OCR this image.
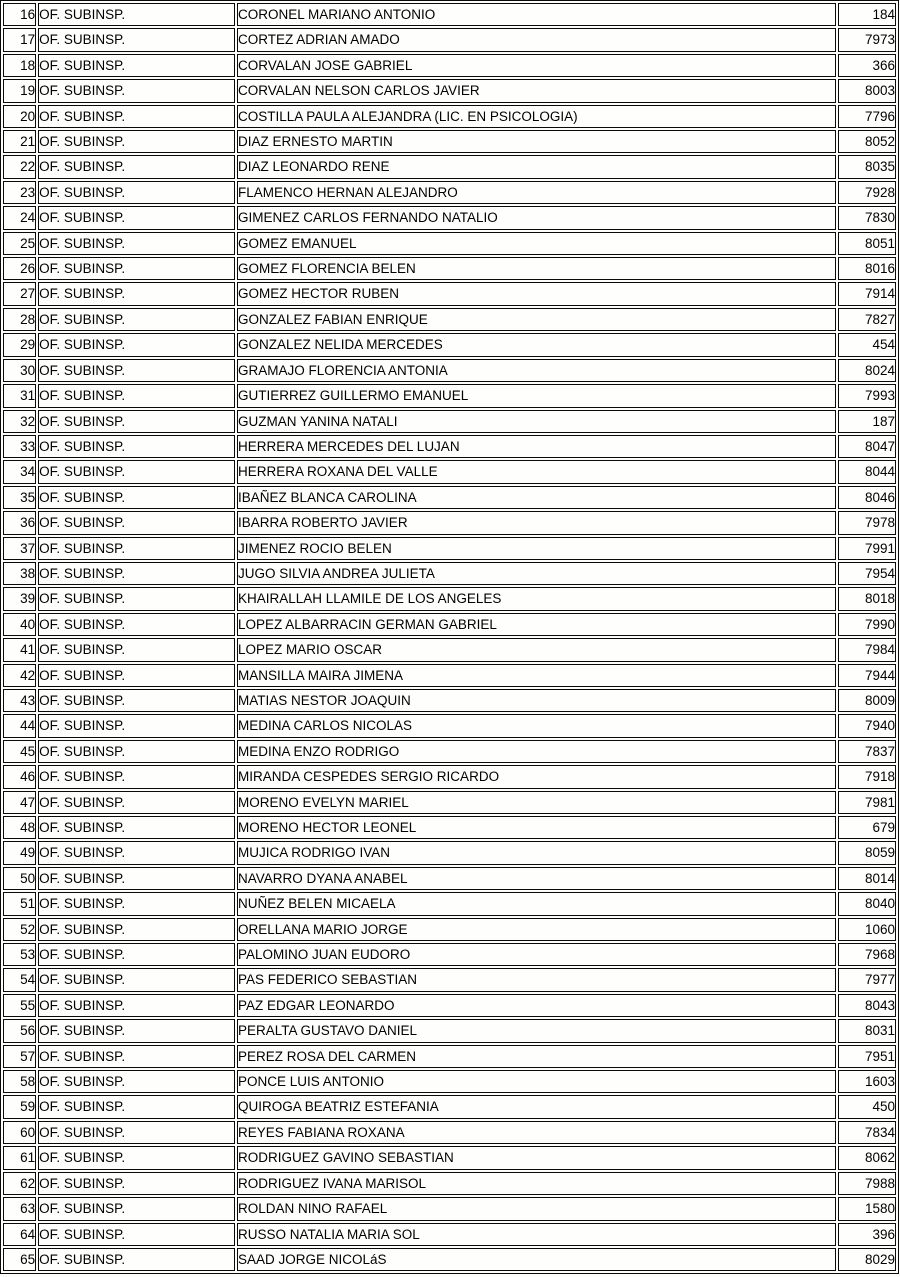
16	OF. SUBINSP.	CORONEL MARIANO ANTONIO	184
17	OF. SUBINSP.	CORTEZ ADRIAN AMADO	7973
18	OF. SUBINSP.	CORVALAN JOSE GABRIEL	366
19	OF. SUBINSP.	CORVALAN NELSON CARLOS JAVIER	8003
20	OF. SUBINSP.	COSTILLA PAULA ALEJANDRA (LIC. EN PSICOLOGIA)	7796
21	OF. SUBINSP.	DIAZ ERNESTO MARTIN	8052
22	OF. SUBINSP.	DIAZ LEONARDO RENE	8035
23	OF. SUBINSP.	FLAMENCO HERNAN ALEJANDRO	7928
24	OF. SUBINSP.	GIMENEZ CARLOS FERNANDO NATALIO	7830
25	OF. SUBINSP.	GOMEZ EMANUEL	8051
26	OF. SUBINSP.	GOMEZ FLORENCIA BELEN	8016
27	OF. SUBINSP.	GOMEZ HECTOR RUBEN	7914
28	OF. SUBINSP.	GONZALEZ FABIAN ENRIQUE	7827
29	OF. SUBINSP.	GONZALEZ NELIDA MERCEDES	454
30	OF. SUBINSP.	GRAMAJO FLORENCIA ANTONIA	8024
31	OF. SUBINSP.	GUTIERREZ GUILLERMO EMANUEL	7993
32	OF. SUBINSP.	GUZMAN YANINA NATALI	187
33	OF. SUBINSP.	HERRERA MERCEDES DEL LUJAN	8047
34	OF. SUBINSP.	HERRERA ROXANA DEL VALLE	8044
35	OF. SUBINSP.	IBAÑEZ BLANCA CAROLINA	8046
36	OF. SUBINSP.	IBARRA ROBERTO JAVIER	7978
37	OF. SUBINSP.	JIMENEZ ROCIO BELEN	7991
38	OF. SUBINSP.	JUGO SILVIA ANDREA JULIETA	7954
39	OF. SUBINSP.	KHAIRALLAH LLAMILE DE LOS ANGELES	8018
40	OF. SUBINSP.	LOPEZ ALBARRACIN GERMAN GABRIEL	7990
41	OF. SUBINSP.	LOPEZ MARIO OSCAR	7984
42	OF. SUBINSP.	MANSILLA MAIRA JIMENA	7944
43	OF. SUBINSP.	MATIAS NESTOR JOAQUIN	8009
44	OF. SUBINSP.	MEDINA CARLOS NICOLAS	7940
45	OF. SUBINSP.	MEDINA ENZO RODRIGO	7837
46	OF. SUBINSP.	MIRANDA CESPEDES SERGIO RICARDO	7918
47	OF. SUBINSP.	MORENO EVELYN MARIEL	7981
48	OF. SUBINSP.	MORENO HECTOR LEONEL	679
49	OF. SUBINSP.	MUJICA RODRIGO IVAN	8059
50	OF. SUBINSP.	NAVARRO DYANA ANABEL	8014
51	OF. SUBINSP.	NUÑEZ BELEN MICAELA	8040
52	OF. SUBINSP.	ORELLANA MARIO JORGE	1060
53	OF. SUBINSP.	PALOMINO JUAN EUDORO	7968
54	OF. SUBINSP.	PAS FEDERICO SEBASTIAN	7977
55	OF. SUBINSP.	PAZ EDGAR LEONARDO	8043
56	OF. SUBINSP.	PERALTA GUSTAVO DANIEL	8031
57	OF. SUBINSP.	PEREZ ROSA DEL CARMEN	7951
58	OF. SUBINSP.	PONCE LUIS ANTONIO	1603
59	OF. SUBINSP.	QUIROGA BEATRIZ ESTEFANIA	450
60	OF. SUBINSP.	REYES FABIANA ROXANA	7834
61	OF. SUBINSP.	RODRIGUEZ GAVINO SEBASTIAN	8062
62	OF. SUBINSP.	RODRIGUEZ IVANA MARISOL	7988
63	OF. SUBINSP.	ROLDAN NINO RAFAEL	1580
64	OF. SUBINSP.	RUSSO NATALIA MARIA SOL	396
65	OF. SUBINSP.	SAAD JORGE NICOLáS	8029
